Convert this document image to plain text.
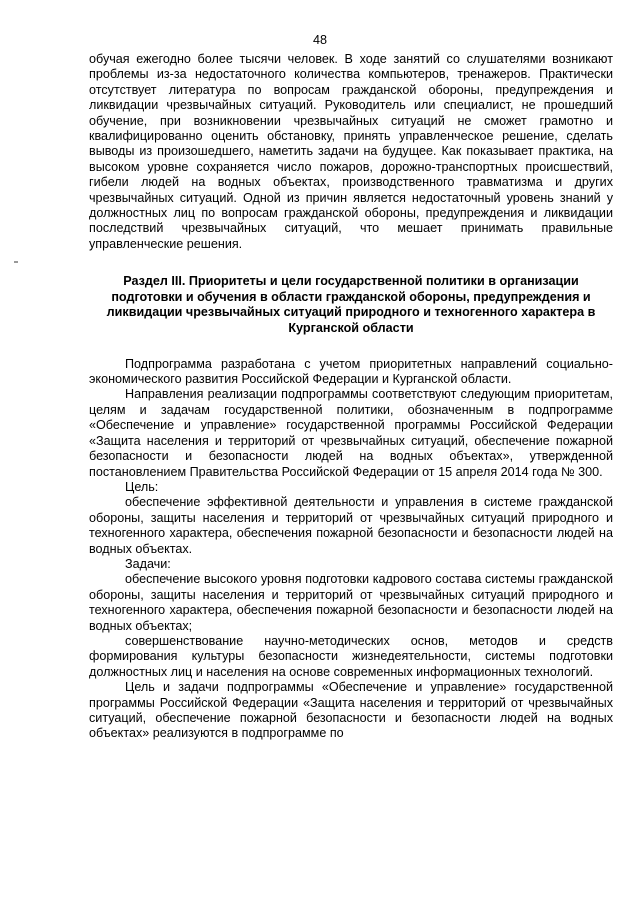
48

обучая ежегодно более тысячи человек. В ходе занятий со слушателями возникают проблемы из-за недостаточного количества компьютеров, тренажеров. Практически отсутствует литература по вопросам гражданской обороны, предупреждения и ликвидации чрезвычайных ситуаций. Руководитель или специалист, не прошедший обучение, при возникновении чрезвычайных ситуаций не сможет грамотно и квалифицированно оценить обстановку, принять управленческое решение, сделать выводы из произошедшего, наметить задачи на будущее. Как показывает практика, на высоком уровне сохраняется число пожаров, дорожно-транспортных происшествий, гибели людей на водных объектах, производственного травматизма и других чрезвычайных ситуаций. Одной из причин является недостаточный уровень знаний у должностных лиц по вопросам гражданской обороны, предупреждения и ликвидации последствий чрезвычайных ситуаций, что мешает принимать правильные управленческие решения.

Раздел III. Приоритеты и цели государственной политики в организации подготовки и обучения в области гражданской обороны, предупреждения и ликвидации чрезвычайных ситуаций природного и техногенного характера в Курганской области

Подпрограмма разработана с учетом приоритетных направлений социально-экономического развития Российской Федерации и Курганской области.

Направления реализации подпрограммы соответствуют следующим приоритетам, целям и задачам государственной политики, обозначенным в подпрограмме «Обеспечение и управление» государственной программы Российской Федерации «Защита населения и территорий от чрезвычайных ситуаций, обеспечение пожарной безопасности и безопасности людей на водных объектах», утвержденной постановлением Правительства Российской Федерации от 15 апреля 2014 года № 300.

Цель:

обеспечение эффективной деятельности и управления в системе гражданской обороны, защиты населения и территорий от чрезвычайных ситуаций природного и техногенного характера, обеспечения пожарной безопасности и безопасности людей на водных объектах.

Задачи:

обеспечение высокого уровня подготовки кадрового состава системы гражданской обороны, защиты населения и территорий от чрезвычайных ситуаций природного и техногенного характера, обеспечения пожарной безопасности и безопасности людей на водных объектах;

совершенствование научно-методических основ, методов и средств формирования культуры безопасности жизнедеятельности, системы подготовки должностных лиц и населения на основе современных информационных технологий.

Цель и задачи подпрограммы «Обеспечение и управление» государственной программы Российской Федерации «Защита населения и территорий от чрезвычайных ситуаций, обеспечение пожарной безопасности и безопасности людей на водных объектах» реализуются в подпрограмме по
